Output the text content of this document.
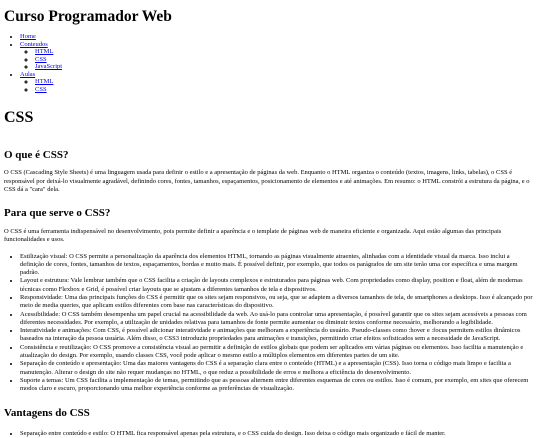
Curso Programador Web
• Home
• Conteudos
◦ HTML
◦ CSS
◦ JavaScript
• Aulas
◦ HTML
◦ CSS
CSS
O que é CSS?

O CSS (Cascading Style Sheets) é uma linguagem usada para definir o estilo e a apresentação de páginas da web. Enquanto o HTML organiza o conteúdo (textos, imagens, links, tabelas), o CSS é responsável por deixá-lo visualmente agradável, definindo cores, fontes, tamanhos, espaçamentos, posicionamento de elementos e até animações. Em resumo: o HTML constrói a estrutura da página, e o CSS dá a "cara" dela.

Para que serve o CSS?

O CSS é uma ferramenta indispensável no desenvolvimento, pois permite definir a aparência e o template de páginas web de maneira eficiente e organizada. Aqui estão algumas das principais funcionalidades e usos.

• Estilização visual: O CSS permite a personalização da aparência dos elementos HTML, tornando as páginas visualmente atraentes, alinhadas com a identidade visual da marca. Isso inclui a definição de cores, fontes, tamanhos de textos, espaçamentos, bordas e muito mais. É possível definir, por exemplo, que todos os parágrafos de um site terão uma cor específica e uma margem padrão.
• Layout e estrutura: Vale lembrar também que o CSS facilita a criação de layouts complexos e estruturados para páginas web. Com propriedades como display, position e float, além de modernas técnicas como Flexbox e Grid, é possível criar layouts que se ajustam a diferentes tamanhos de tela e dispositivos.
• Responsividade: Uma das principais funções do CSS é permitir que os sites sejam responsivos, ou seja, que se adaptem a diversos tamanhos de tela, de smartphones a desktops. Isso é alcançado por meio de media queries, que aplicam estilos diferentes com base nas características do dispositivo.
• Acessibilidade: O CSS também desempenha um papel crucial na acessibilidade da web. Ao usá-lo para controlar uma apresentação, é possível garantir que os sites sejam acessíveis a pessoas com diferentes necessidades. Por exemplo, a utilização de unidades relativas para tamanhos de fonte permite aumentar ou diminuir textos conforme necessário, melhorando a legibilidade.
• Interatividade e animações: Com CSS, é possível adicionar interatividade e animações que melhoram a experiência do usuário. Pseudo-classes como :hover e :focus permitem estilos dinâmicos baseados na interação da pessoa usuária. Além disso, o CSS3 introduziu propriedades para animações e transições, permitindo criar efeitos sofisticados sem a necessidade de JavaScript.
• Consistência e reutilização: O CSS promove a consistência visual ao permitir a definição de estilos globais que podem ser aplicados em várias páginas ou elementos. Isso facilita a manutenção e atualização do design. Por exemplo, usando classes CSS, você pode aplicar o mesmo estilo a múltiplos elementos em diferentes partes de um site.
• Separação de conteúdo e apresentação: Uma das maiores vantagens do CSS é a separação clara entre o conteúdo (HTML) e a apresentação (CSS). Isso torna o código mais limpo e facilita a manutenção. Alterar o design do site não requer mudanças no HTML, o que reduz a possibilidade de erros e melhora a eficiência do desenvolvimento.
• Suporte a temas: Um CSS facilita a implementação de temas, permitindo que as pessoas alternem entre diferentes esquemas de cores ou estilos. Isso é comum, por exemplo, em sites que oferecem modos claro e escuro, proporcionando uma melhor experiência conforme as preferências de visualização.
Vantagens do CSS
• Separação entre conteúdo e estilo: O HTML fica responsável apenas pela estrutura, e o CSS cuida do design. Isso deixa o código mais organizado e fácil de manter.
